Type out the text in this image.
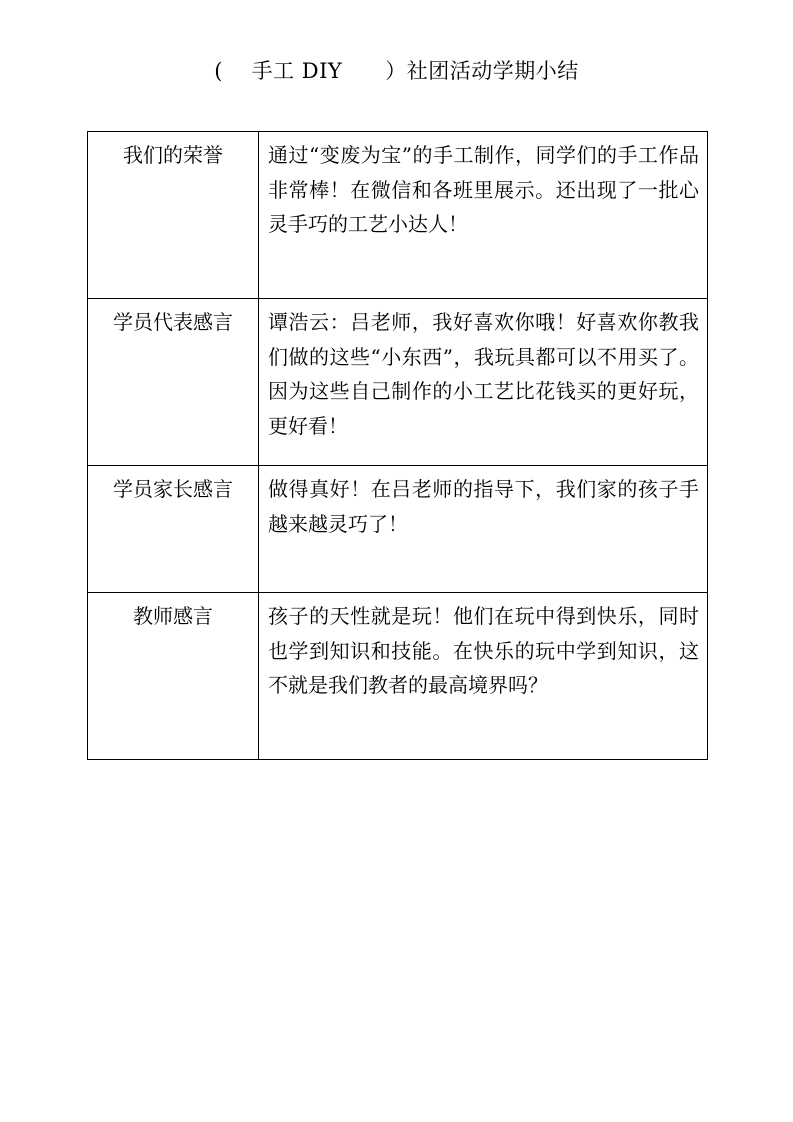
(    手工 DIY      ）社团活动学期小结
我们的荣誉	通过“变废为宝”的手工制作，同学们的手工作品非常棒！在微信和各班里展示。还出现了一批心灵手巧的工艺小达人！
学员代表感言	谭浩云：吕老师，我好喜欢你哦！好喜欢你教我们做的这些“小东西”，我玩具都可以不用买了。因为这些自己制作的小工艺比花钱买的更好玩，更好看！
学员家长感言	做得真好！在吕老师的指导下，我们家的孩子手越来越灵巧了！
教师感言	孩子的天性就是玩！他们在玩中得到快乐，同时也学到知识和技能。在快乐的玩中学到知识，这不就是我们教者的最高境界吗？
